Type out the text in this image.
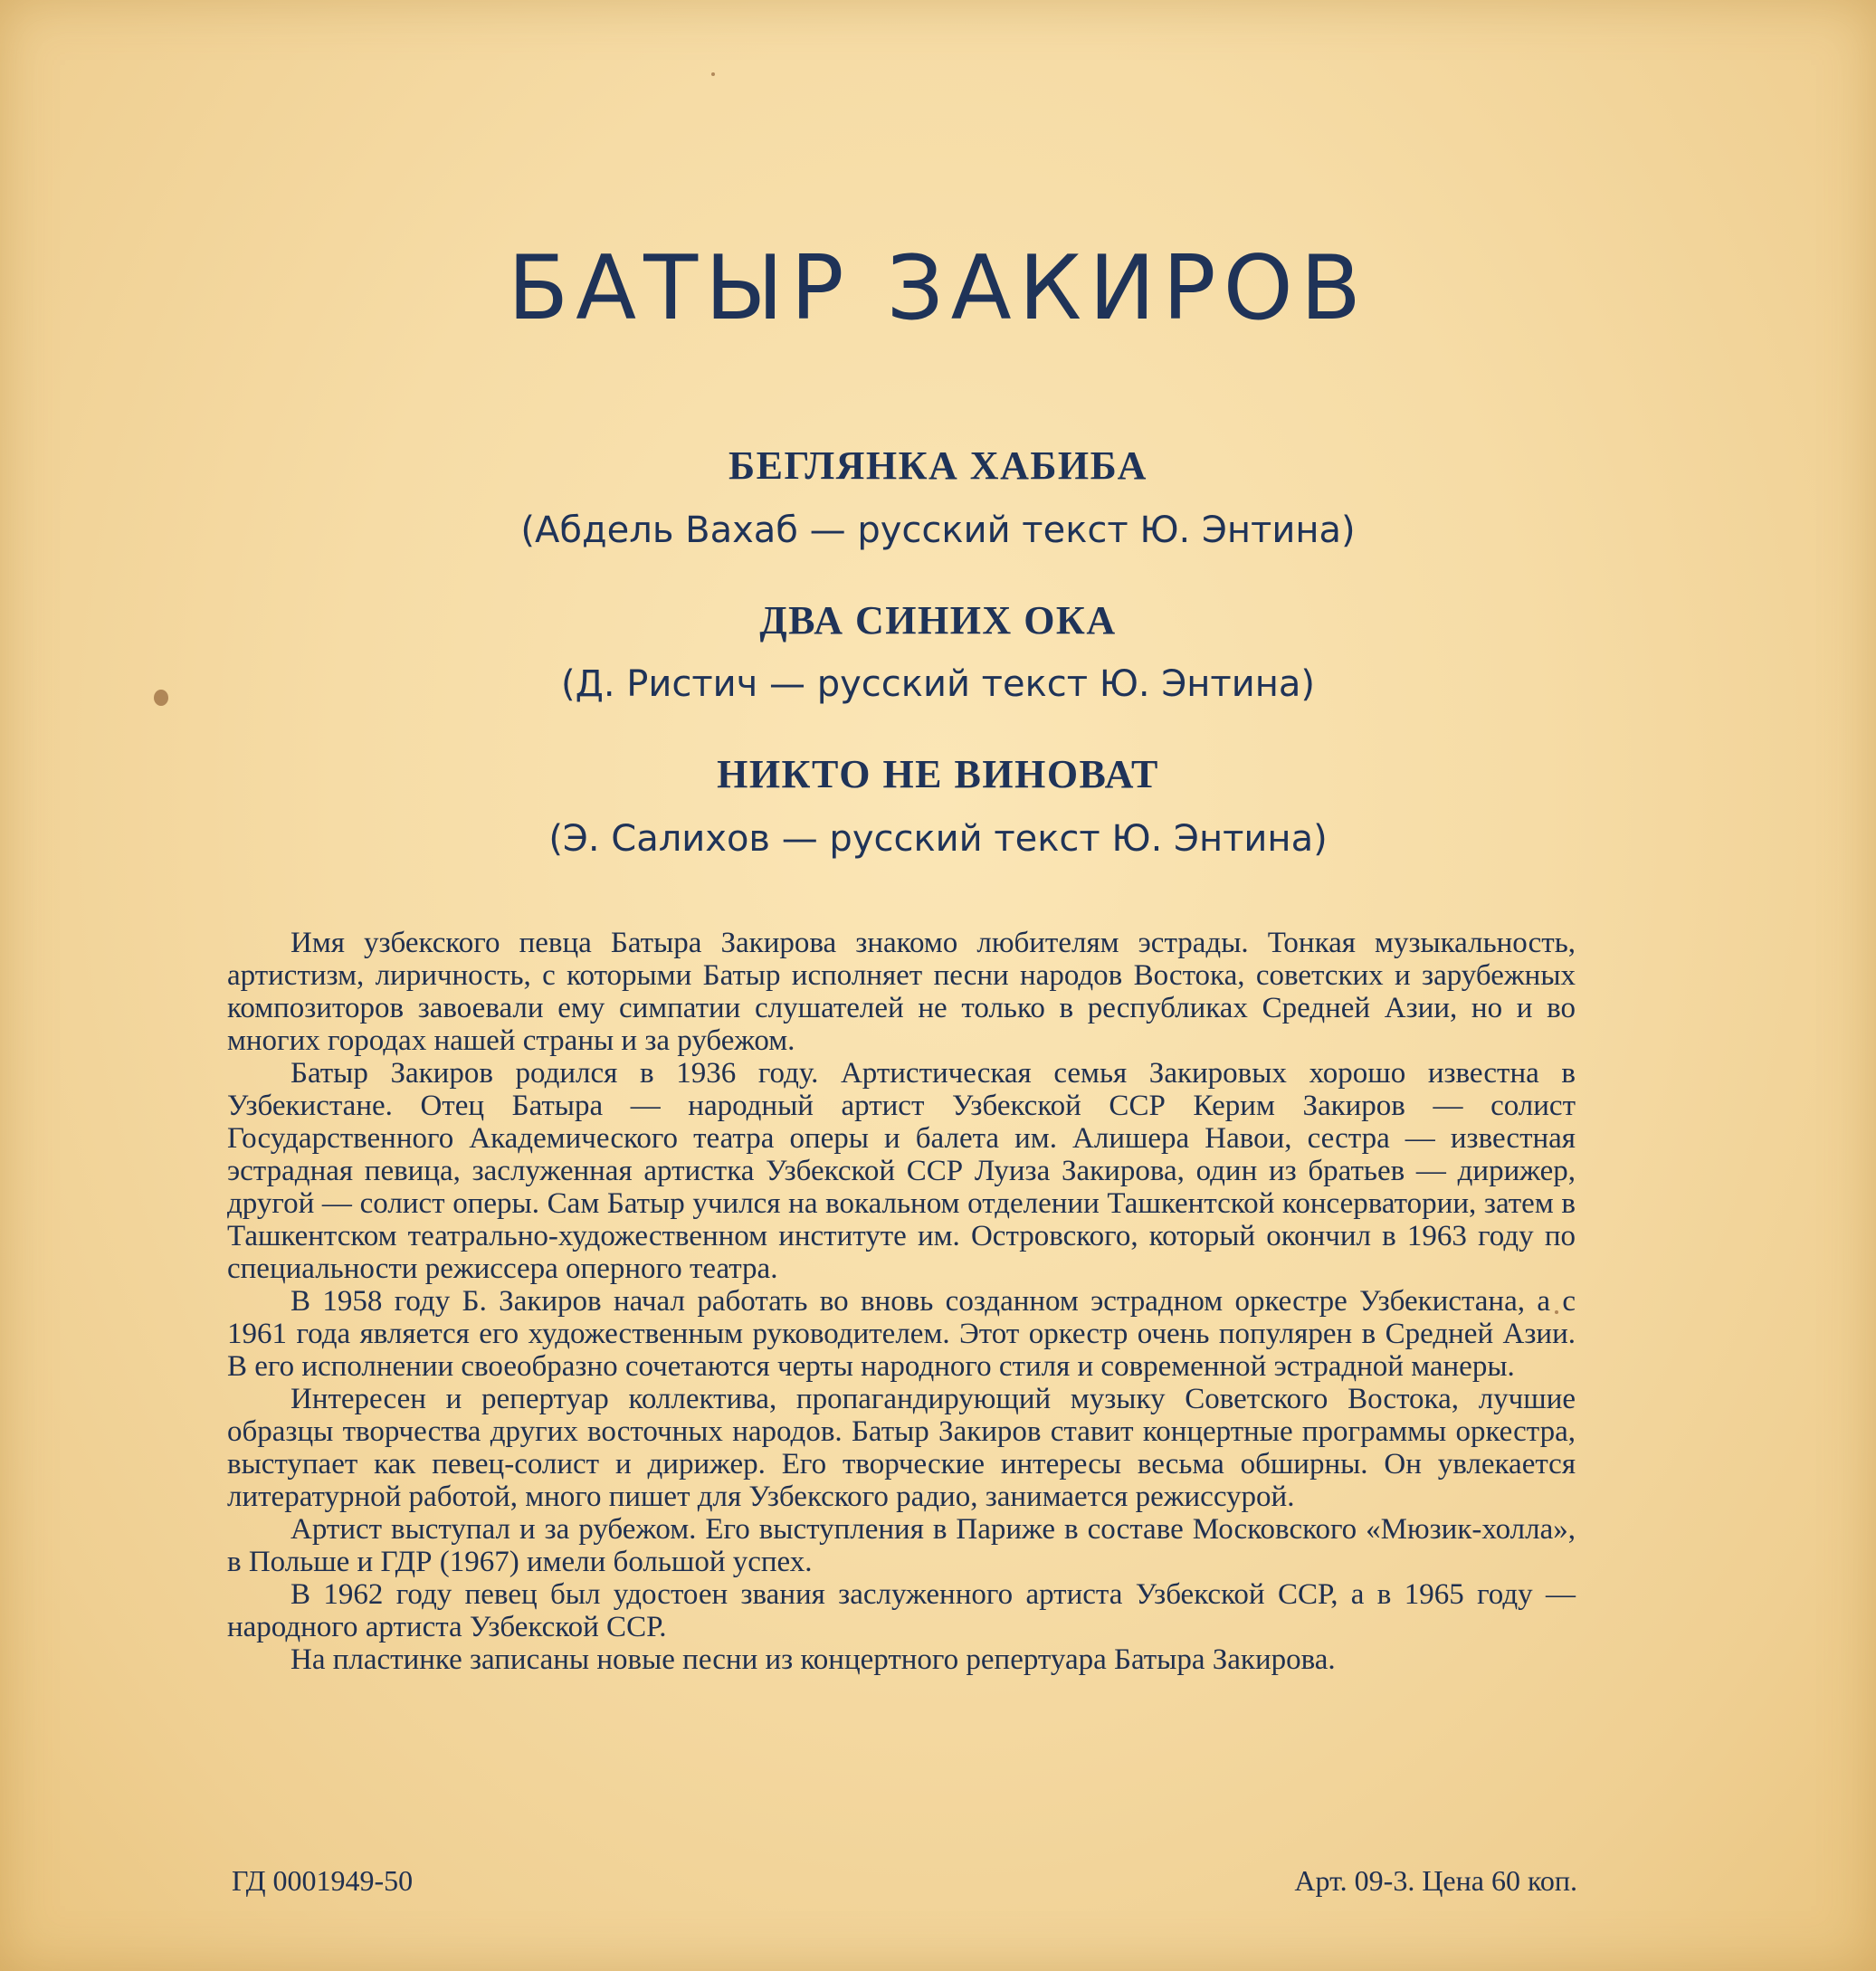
БАТЫР ЗАКИРОВ
БЕГЛЯНКА ХАБИБА
(Абдель Вахаб — русский текст Ю. Энтина)
ДВА СИНИХ ОКА
(Д. Ристич — русский текст Ю. Энтина)
НИКТО НЕ ВИНОВАТ
(Э. Салихов — русский текст Ю. Энтина)

Имя узбекского певца Батыра Закирова знакомо любителям эстрады. Тонкая музыкальность, артистизм, лиричность, с которыми Батыр исполняет песни народов Востока, советских и зарубежных композиторов завоевали ему симпатии слушателей не только в республиках Средней Азии, но и во многих городах нашей страны и за рубежом.

Батыр Закиров родился в 1936 году. Артистическая семья Закировых хорошо известна в Узбекистане. Отец Батыра — народный артист Узбекской ССР Керим Закиров — солист Государственного Академического театра оперы и балета им. Алишера Навои, сестра — известная эстрадная певица, заслуженная артистка Узбекской ССР Луиза Закирова, один из братьев — дирижер, другой — солист оперы. Сам Батыр учился на вокальном отделении Ташкентской консерватории, затем в Ташкентском театрально-художественном институте им. Островского, который окончил в 1963 году по специальности режиссера оперного театра.

В 1958 году Б. Закиров начал работать во вновь созданном эстрадном оркестре Узбекистана, а с 1961 года является его художественным руководителем. Этот оркестр очень популярен в Средней Азии. В его исполнении своеобразно сочетаются черты народного стиля и современной эстрадной манеры.

Интересен и репертуар коллектива, пропагандирующий музыку Советского Востока, лучшие образцы творчества других восточных народов. Батыр Закиров ставит концертные программы оркестра, выступает как певец-солист и дирижер. Его творческие интересы весьма обширны. Он увлекается литературной работой, много пишет для Узбекского радио, занимается режиссурой.

Артист выступал и за рубежом. Его выступления в Париже в составе Московского «Мюзик-холла», в Польше и ГДР (1967) имели большой успех.

В 1962 году певец был удостоен звания заслуженного артиста Узбекской ССР, а в 1965 году — народного артиста Узбекской ССР.

На пластинке записаны новые песни из концертного репертуара Батыра Закирова.

ГД 0001949-50	Арт. 09-3. Цена 60 коп.
